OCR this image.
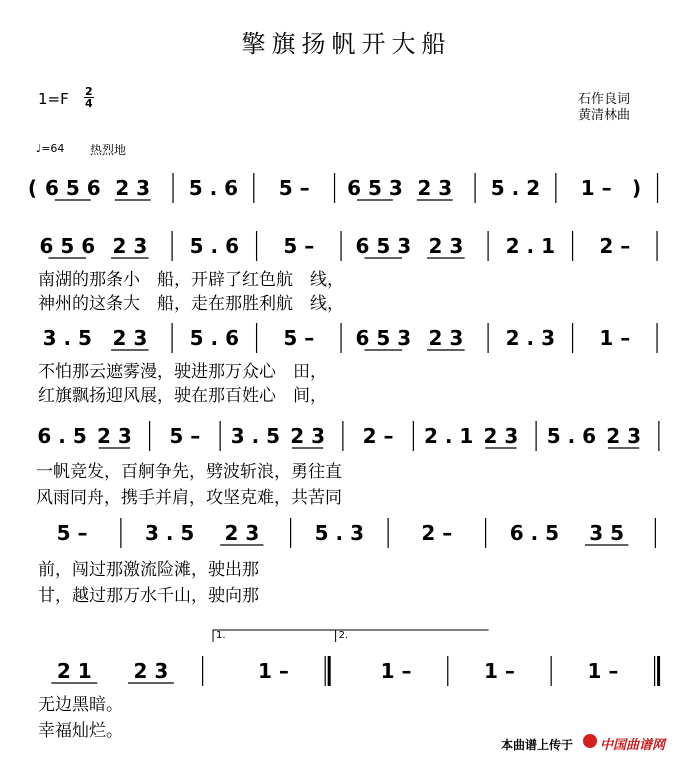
擎旗扬帆开大船
1=F 2
4	石作良词
黄清林曲
♩=64 热烈地
( 6 5 6 2 3 5 . 6 5 – 6 5 3 2 3 5 . 2 1 – )
6 5 6 2 3 5 . 6 5 – 6 5 3 2 3 2 . 1 2 –
3 . 5 2 3 5 . 6 5 – 6 5 3 2 3 2 . 3 1 –
6 . 5 2 3 5 – 3 . 5 2 3 2 – 2 . 1 2 3 5 . 6 2 3
5 –	3 . 5 2 3	5 . 3	2 –	6 . 5 3 5
2 1 2 3
1.
1 –
2.
1 –	1 –	1 –
南湖的那条小　船，开辟了红色航　线，
神州的这条大　船，走在那胜利航　线，
不怕那云遮雾漫，驶进那万众心　田，
红旗飘扬迎风展，驶在那百姓心　间，
一帆竞发，百舸争先，劈波斩浪，勇往直
风雨同舟，携手并肩，攻坚克难，共苦同
前，闯过那激流险滩，驶出那
甘，越过那万水千山，驶向那
无边黑暗。
幸福灿烂。
本曲谱上传于 中国曲谱网
